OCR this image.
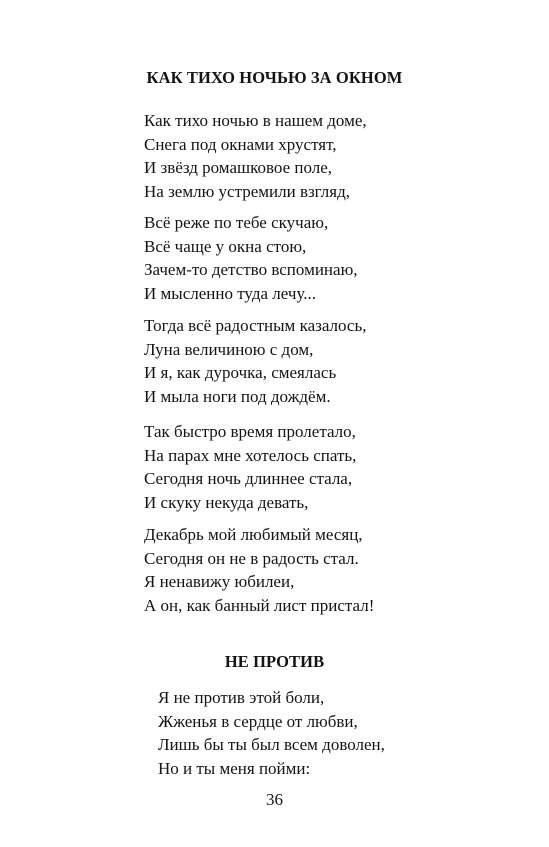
КАК ТИХО НОЧЬЮ ЗА ОКНОМ

Как тихо ночью в нашем доме,
Снега под окнами хрустят,
И звёзд ромашковое поле,
На землю устремили взгляд,

Всё реже по тебе скучаю,
Всё чаще у окна стою,
Зачем-то детство вспоминаю,
И мысленно туда лечу...

Тогда всё радостным казалось,
Луна величиною с дом,
И я, как дурочка, смеялась
И мыла ноги под дождём.

Так быстро время пролетало,
На парах мне хотелось спать,
Сегодня ночь длиннее стала,
И скуку некуда девать,

Декабрь мой любимый месяц,
Сегодня он не в радость стал.
Я ненавижу юбилеи,
А он, как банный лист пристал!

НЕ ПРОТИВ

Я не против этой боли,
Жженья в сердце от любви,
Лишь бы ты был всем доволен,
Но и ты меня пойми:

36
